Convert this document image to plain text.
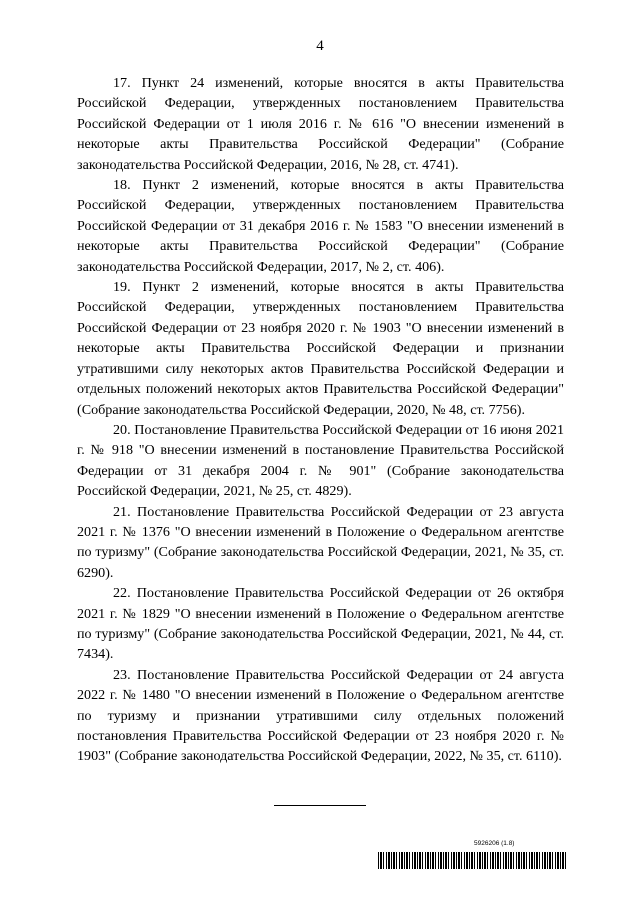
4

17. Пункт 24 изменений, которые вносятся в акты Правительства Российской Федерации, утвержденных постановлением Правительства Российской Федерации от 1 июля 2016 г. № 616 "О внесении изменений в некоторые акты Правительства Российской Федерации" (Собрание законодательства Российской Федерации, 2016, № 28, ст. 4741).

18. Пункт 2 изменений, которые вносятся в акты Правительства Российской Федерации, утвержденных постановлением Правительства Российской Федерации от 31 декабря 2016 г. № 1583 "О внесении изменений в некоторые акты Правительства Российской Федерации" (Собрание законодательства Российской Федерации, 2017, № 2, ст. 406).

19. Пункт 2 изменений, которые вносятся в акты Правительства Российской Федерации, утвержденных постановлением Правительства Российской Федерации от 23 ноября 2020 г. № 1903 "О внесении изменений в некоторые акты Правительства Российской Федерации и признании утратившими силу некоторых актов Правительства Российской Федерации и отдельных положений некоторых актов Правительства Российской Федерации" (Собрание законодательства Российской Федерации, 2020, № 48, ст. 7756).

20. Постановление Правительства Российской Федерации от 16 июня 2021 г. № 918 "О внесении изменений в постановление Правительства Российской Федерации от 31 декабря 2004 г. № 901" (Собрание законодательства Российской Федерации, 2021, № 25, ст. 4829).

21. Постановление Правительства Российской Федерации от 23 августа 2021 г. № 1376 "О внесении изменений в Положение о Федеральном агентстве по туризму" (Собрание законодательства Российской Федерации, 2021, № 35, ст. 6290).

22. Постановление Правительства Российской Федерации от 26 октября 2021 г. № 1829 "О внесении изменений в Положение о Федеральном агентстве по туризму" (Собрание законодательства Российской Федерации, 2021, № 44, ст. 7434).

23. Постановление Правительства Российской Федерации от 24 августа 2022 г. № 1480 "О внесении изменений в Положение о Федеральном агентстве по туризму и признании утратившими силу отдельных положений постановления Правительства Российской Федерации от 23 ноября 2020 г. № 1903" (Собрание законодательства Российской Федерации, 2022, № 35, ст. 6110).

5926206 (1.8)
